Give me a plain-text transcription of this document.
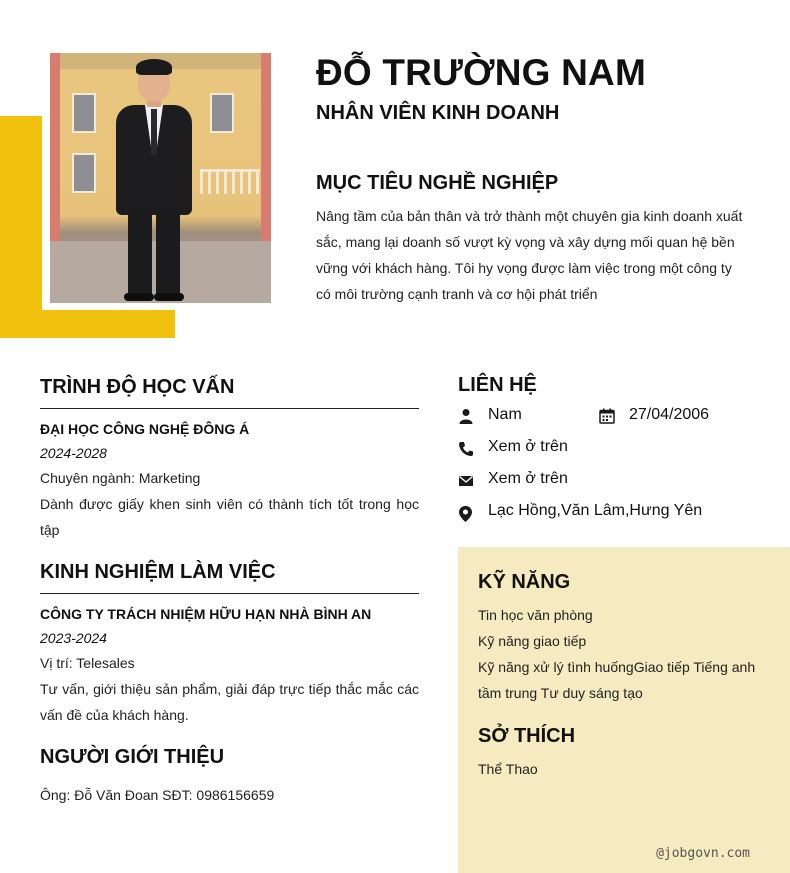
ĐỖ TRƯỜNG NAM
NHÂN VIÊN KINH DOANH
MỤC TIÊU NGHỀ NGHIỆP
Nâng tầm của bản thân và trở thành một chuyên gia kinh doanh xuất sắc, mang lại doanh số vượt kỳ vọng và xây dựng mối quan hệ bền vững với khách hàng. Tôi hy vọng được làm việc trong một công ty có môi trường cạnh tranh và cơ hội phát triển
TRÌNH ĐỘ HỌC VẤN
ĐẠI HỌC CÔNG NGHỆ ĐÔNG Á
2024-2028
Chuyên ngành: Marketing
Dành được giấy khen sinh viên có thành tích tốt trong học tập
KINH NGHIỆM LÀM VIỆC
CÔNG TY TRÁCH NHIỆM HỮU HẠN NHÀ BÌNH AN
2023-2024
Vị trí: Telesales
Tư vấn, giới thiệu sản phẩm, giải đáp trực tiếp thắc mắc các vấn đề của khách hàng.
NGƯỜI GIỚI THIỆU
Ông: Đỗ Văn Đoan SĐT: 0986156659
LIÊN HỆ
Nam	27/04/2006
Xem ở trên
Xem ở trên
Lạc Hồng,Văn Lâm,Hưng Yên
KỸ NĂNG
Tin học văn phòng
Kỹ năng giao tiếp
Kỹ năng xử lý tình huốngGiao tiếp Tiếng anh tầm trung Tư duy sáng tạo
SỞ THÍCH
Thể Thao
@jobgovn.com
